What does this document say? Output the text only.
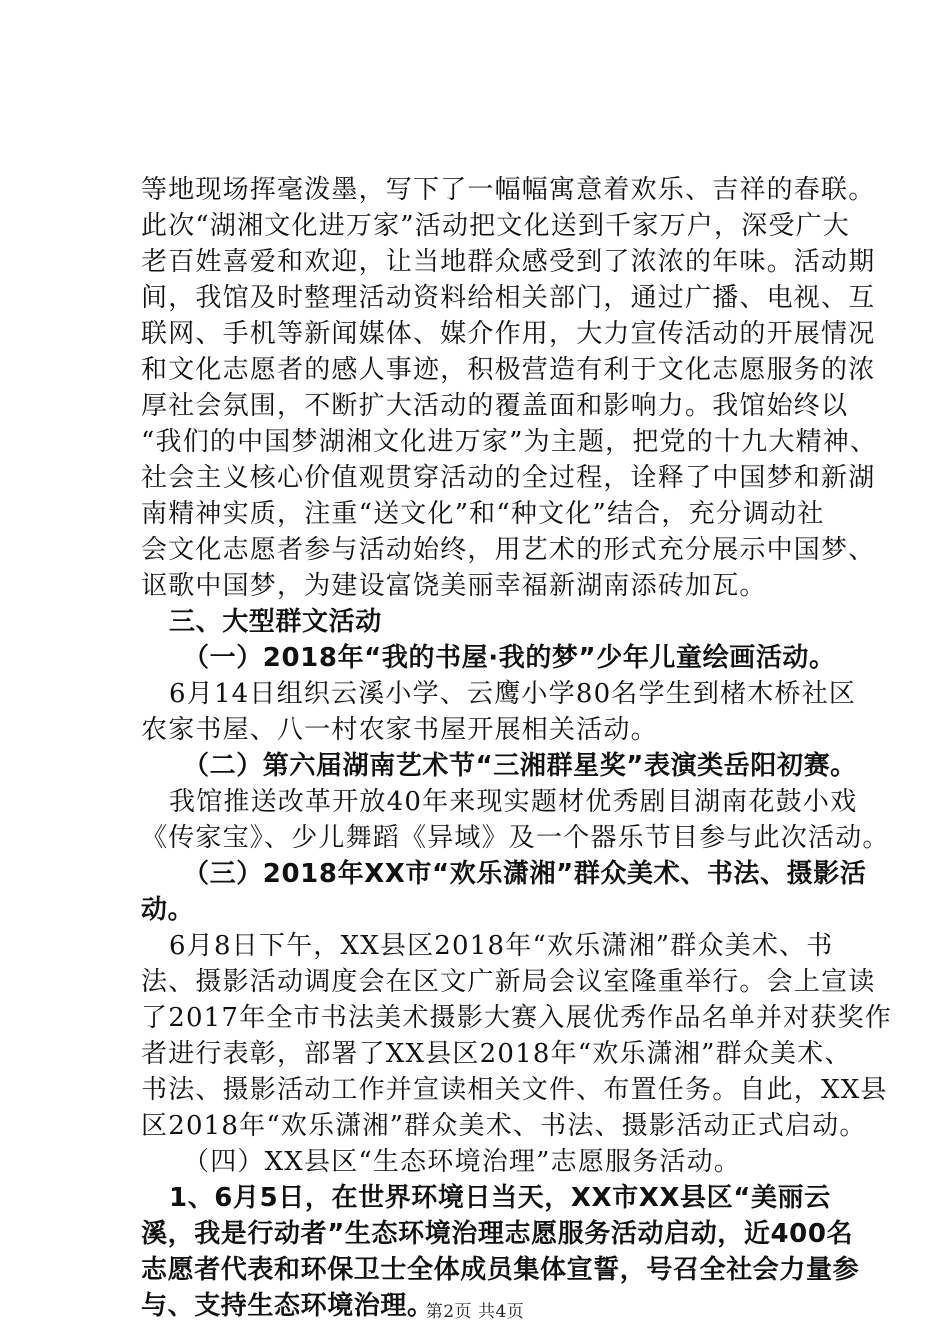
等地现场挥毫泼墨，写下了一幅幅寓意着欢乐、吉祥的春联。
此次“湖湘文化进万家”活动把文化送到千家万户，深受广大
老百姓喜爱和欢迎，让当地群众感受到了浓浓的年味。活动期
间，我馆及时整理活动资料给相关部门，通过广播、电视、互
联网、手机等新闻媒体、媒介作用，大力宣传活动的开展情况
和文化志愿者的感人事迹，积极营造有利于文化志愿服务的浓
厚社会氛围，不断扩大活动的覆盖面和影响力。我馆始终以
“我们的中国梦湖湘文化进万家”为主题，把党的十九大精神、
社会主义核心价值观贯穿活动的全过程，诠释了中国梦和新湖
南精神实质，注重“送文化”和“种文化”结合，充分调动社
会文化志愿者参与活动始终，用艺术的形式充分展示中国梦、
讴歌中国梦，为建设富饶美丽幸福新湖南添砖加瓦。
三、大型群文活动
（一）2018年“我的书屋·我的梦”少年儿童绘画活动。
6月14日组织云溪小学、云鹰小学80名学生到楮木桥社区
农家书屋、八一村农家书屋开展相关活动。
（二）第六届湖南艺术节“三湘群星奖”表演类岳阳初赛。
我馆推送改革开放40年来现实题材优秀剧目湖南花鼓小戏
《传家宝》、少儿舞蹈《异域》及一个器乐节目参与此次活动。
（三）2018年XX市“欢乐潇湘”群众美术、书法、摄影活
动。
6月8日下午，XX县区2018年“欢乐潇湘”群众美术、书
法、摄影活动调度会在区文广新局会议室隆重举行。会上宣读
了2017年全市书法美术摄影大赛入展优秀作品名单并对获奖作
者进行表彰，部署了XX县区2018年“欢乐潇湘”群众美术、
书法、摄影活动工作并宣读相关文件、布置任务。自此，XX县
区2018年“欢乐潇湘”群众美术、书法、摄影活动正式启动。
（四）XX县区“生态环境治理”志愿服务活动。
1、6月5日，在世界环境日当天，XX市XX县区“美丽云
溪，我是行动者”生态环境治理志愿服务活动启动，近400名
志愿者代表和环保卫士全体成员集体宣誓，号召全社会力量参
与、支持生态环境治理。
第2页 共4页
